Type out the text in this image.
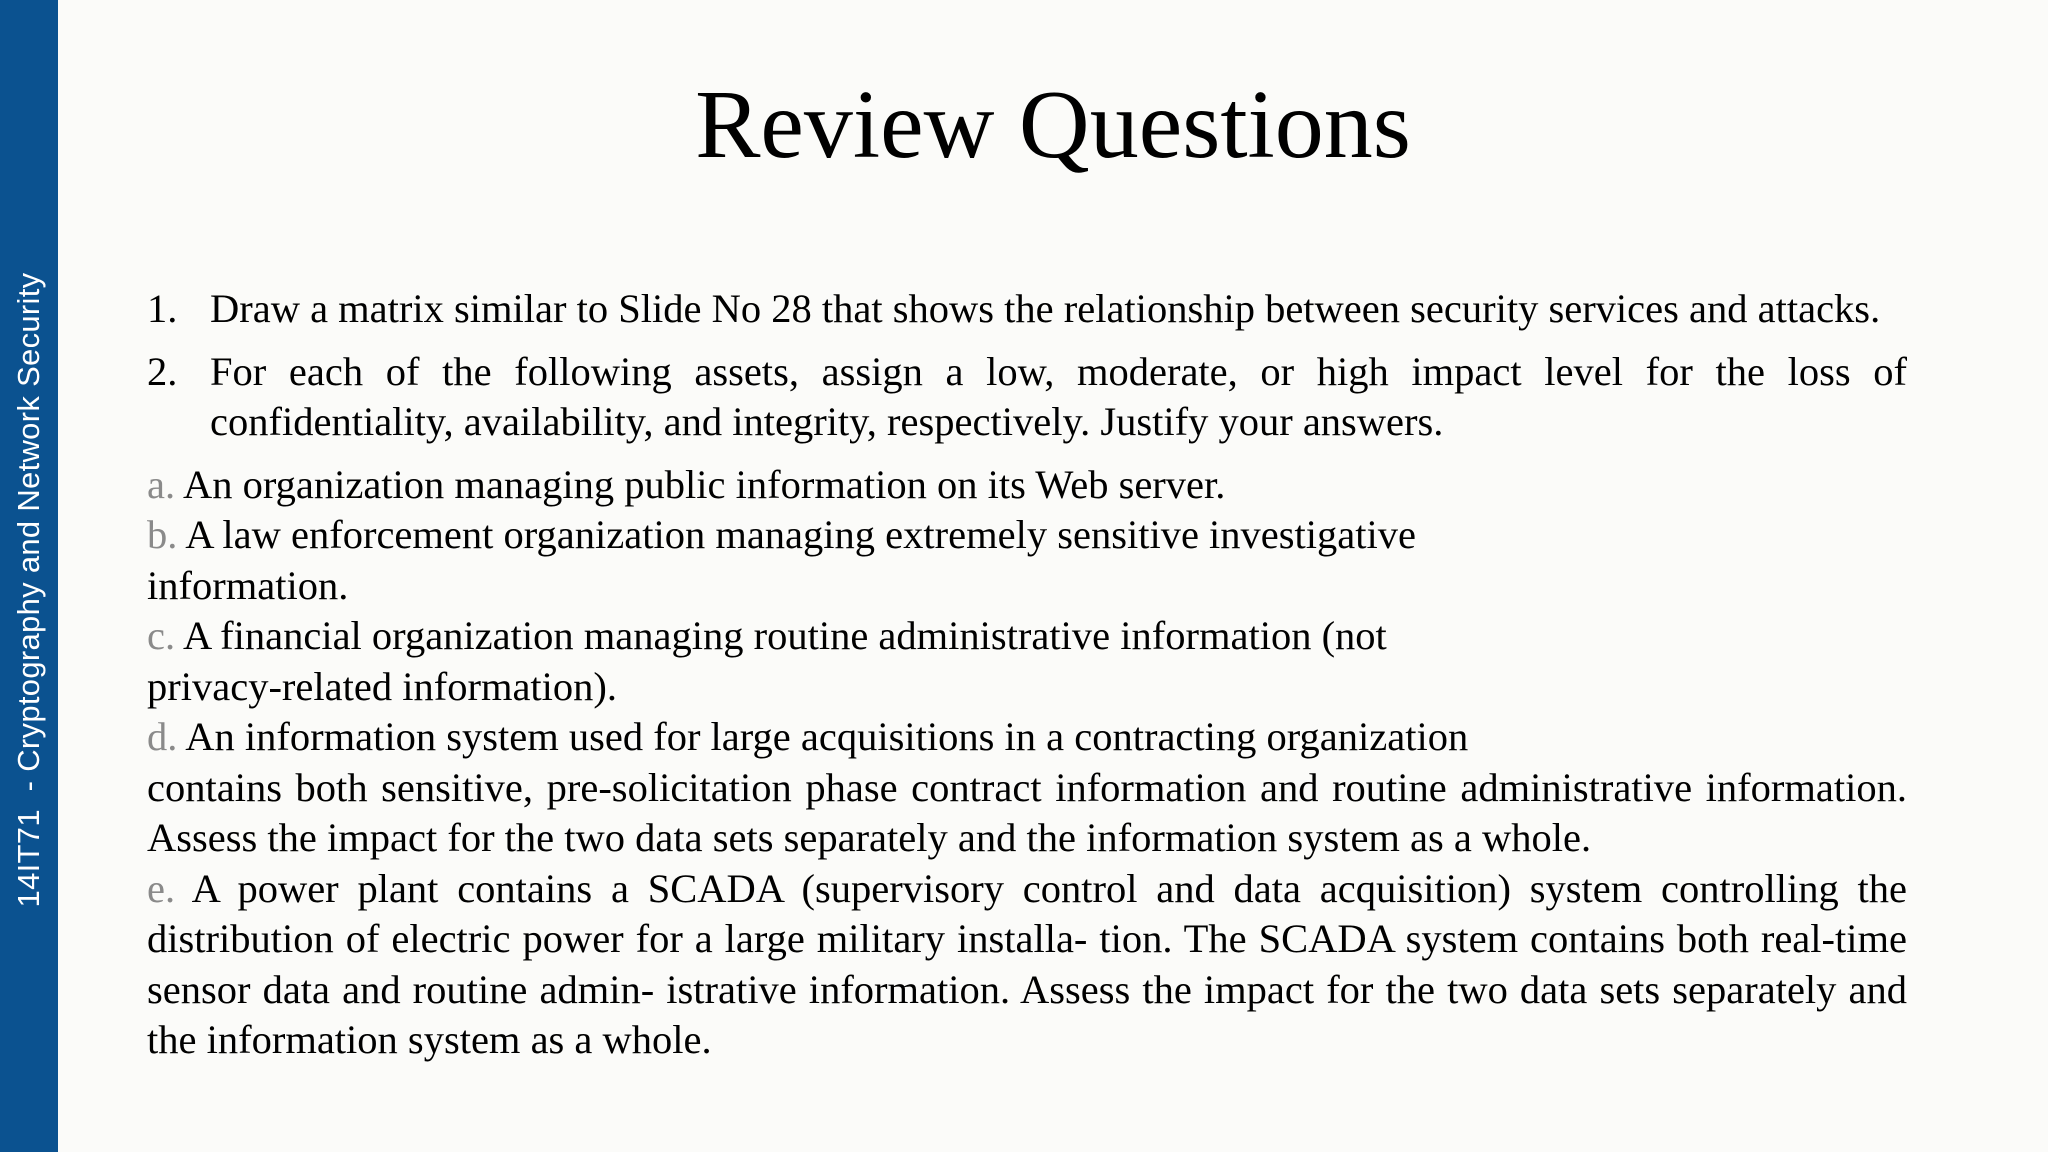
14IT71  - Cryptography and Network Security
Review Questions
1. Draw a matrix similar to Slide No 28 that shows the relationship between security services and attacks.
2. For each of the following assets, assign a low, moderate, or high impact level for the loss of confidentiality, availability, and integrity, respectively. Justify your answers.
a. An organization managing public information on its Web server.
b. A law enforcement organization managing extremely sensitive investigative
information.
c. A financial organization managing routine administrative information (not
privacy-related information).
d. An information system used for large acquisitions in a contracting organization
contains both sensitive, pre-solicitation phase contract information and routine administrative information. Assess the impact for the two data sets separately and the information system as a whole.
e. A power plant contains a SCADA (supervisory control and data acquisition) system controlling the distribution of electric power for a large military installa- tion. The SCADA system contains both real-time sensor data and routine admin- istrative information. Assess the impact for the two data sets separately and the information system as a whole.
